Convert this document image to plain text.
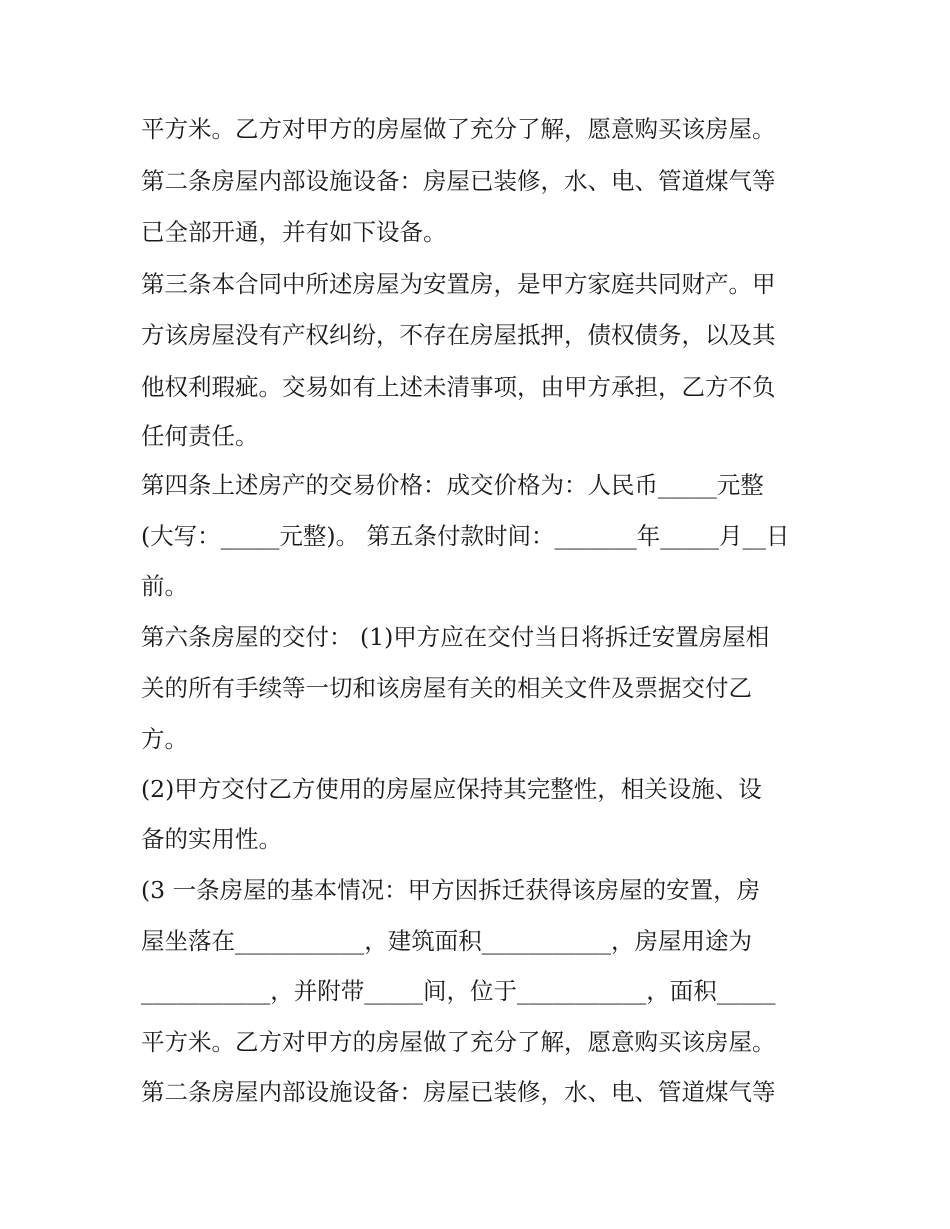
平方米。乙方对甲方的房屋做了充分了解，愿意购买该房屋。
第二条房屋内部设施设备：房屋已装修，水、电、管道煤气等
已全部开通，并有如下设备。
第三条本合同中所述房屋为安置房，是甲方家庭共同财产。甲
方该房屋没有产权纠纷，不存在房屋抵押，债权债务，以及其
他权利瑕疵。交易如有上述未清事项，由甲方承担，乙方不负
任何责任。
第四条上述房产的交易价格：成交价格为：人民币_____元整
(大写：_____元整)。 第五条付款时间：_______年_____月__日
前。
第六条房屋的交付： (1)甲方应在交付当日将拆迁安置房屋相
关的所有手续等一切和该房屋有关的相关文件及票据交付乙
方。
(2)甲方交付乙方使用的房屋应保持其完整性，相关设施、设
备的实用性。
(3 一条房屋的基本情况：甲方因拆迁获得该房屋的安置，房
屋坐落在___________，建筑面积___________，房屋用途为
___________，并附带_____间，位于___________，面积_____
平方米。乙方对甲方的房屋做了充分了解，愿意购买该房屋。
第二条房屋内部设施设备：房屋已装修，水、电、管道煤气等
